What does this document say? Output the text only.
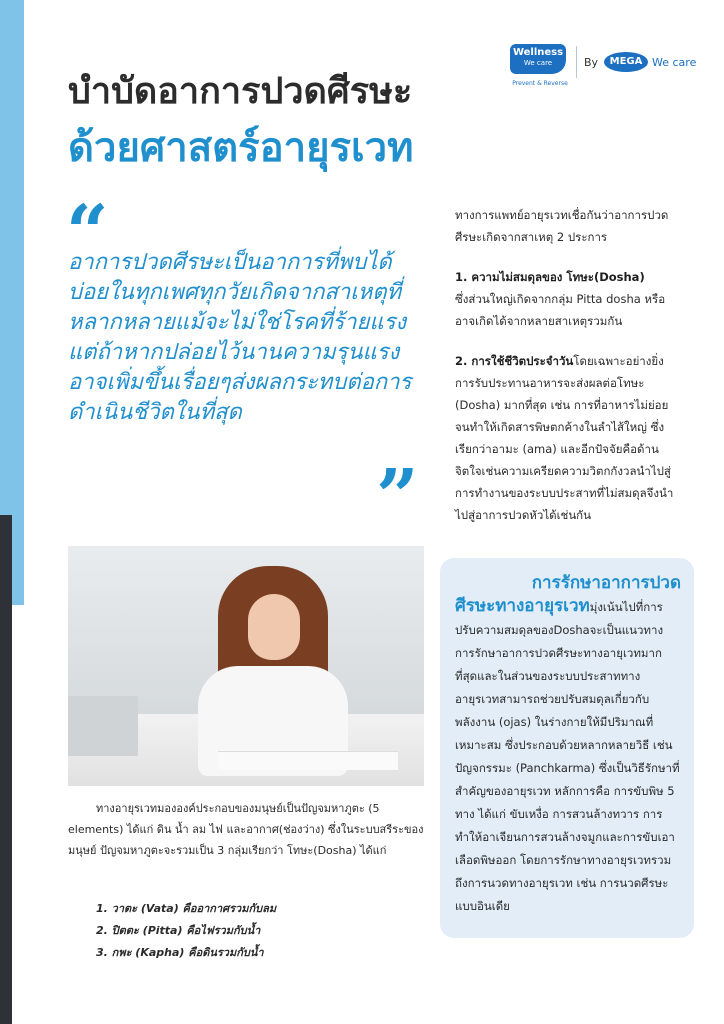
บำบัดอาการปวดศีรษะ
ด้วยศาสตร์อายุรเวท
Wellness
We care
Prevent & Reverse
By	MEGA We care
“

อาการปวดศีรษะเป็นอาการที่พบได้บ่อยในทุกเพศทุกวัยเกิดจากสาเหตุที่หลากหลายแม้จะไม่ใช่โรคที่ร้ายแรงแต่ถ้าหากปล่อยไว้นานความรุนแรงอาจเพิ่มขึ้นเรื่อยๆส่งผลกระทบต่อการดำเนินชีวิตในที่สุด

”

ทางการแพทย์อายุรเวทเชื่อกันว่าอาการปวดศีรษะเกิดจากสาเหตุ 2 ประการ

1. ความไม่สมดุลของ โทษะ(Dosha)
ซึ่งส่วนใหญ่เกิดจากกลุ่ม Pitta dosha หรืออาจเกิดได้จากหลายสาเหตุรวมกัน

2. การใช้ชีวิตประจำวันโดยเฉพาะอย่างยิ่งการรับประทานอาหารจะส่งผลต่อโทษะ (Dosha) มากที่สุด เช่น การที่อาหารไม่ย่อยจนทำให้เกิดสารพิษตกค้างในลำไส้ใหญ่ ซึ่งเรียกว่าอามะ (ama) และอีกปัจจัยคือด้านจิตใจเช่นความเครียดความวิตกกังวลนำไปสู่การทำงานของระบบประสาทที่ไม่สมดุลจึงนำไปสู่อาการปวดหัวได้เช่นกัน

ทางอายุรเวทมององค์ประกอบของมนุษย์เป็นปัญจมหาภูตะ (5 elements) ได้แก่ ดิน น้ำ ลม ไฟ และอากาศ(ช่องว่าง) ซึ่งในระบบสรีระของมนุษย์ ปัญจมหาภูตะจะรวมเป็น 3 กลุ่มเรียกว่า โทษะ(Dosha) ได้แก่

1. วาตะ (Vata) คืออากาศรวมกับลม
2. ปิตตะ (Pitta) คือไฟรวมกับน้ำ
3. กพะ (Kapha) คือดินรวมกับน้ำ

การรักษาอาการปวด
ศีรษะทางอายุรเวทมุ่งเน้นไปที่การปรับความสมดุลของDoshaจะเป็นแนวทางการรักษาอาการปวดศีรษะทางอายุเวทมากที่สุดและในส่วนของระบบประสาททางอายุรเวทสามารถช่วยปรับสมดุลเกี่ยวกับพลังงาน (ojas) ในร่างกายให้มีปริมาณที่เหมาะสม ซึ่งประกอบด้วยหลากหลายวิธี เช่น ปัญจกรรมะ (Panchkarma) ซึ่งเป็นวิธีรักษาที่สำคัญของอายุรเวท หลักการคือ การขับพิษ 5 ทาง ได้แก่ ขับเหงื่อ การสวนล้างทวาร การทำให้อาเจียนการสวนล้างจมูกและการขับเอาเลือดพิษออก โดยการรักษาทางอายุรเวทรวมถึงการนวดทางอายุรเวท เช่น การนวดศีรษะแบบอินเดีย
